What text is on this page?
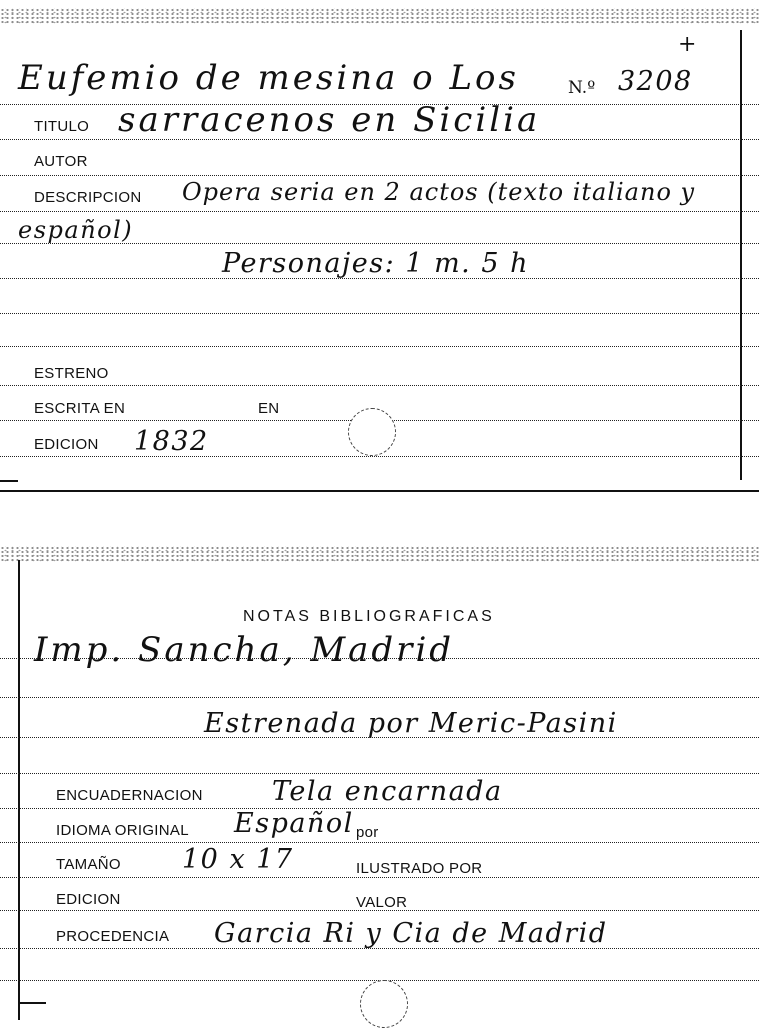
+
Eufemio de mesina o Los	N.º 3208
TITULO sarracenos en Sicilia
AUTOR
DESCRIPCION Opera seria en 2 actos (texto italiano y
español)
Personajes: 1 m. 5 h
ESTRENO
ESCRITA EN	EN
EDICION 1832
NOTAS BIBLIOGRAFICAS
Imp. Sancha, Madrid
Estrenada por Meric-Pasini
ENCUADERNACION	Tela encarnada
IDIOMA ORIGINAL Español por
TAMAÑO 10 x 17	ILUSTRADO POR
EDICION	VALOR
PROCEDENCIA Garcia Ri y Cia de Madrid
